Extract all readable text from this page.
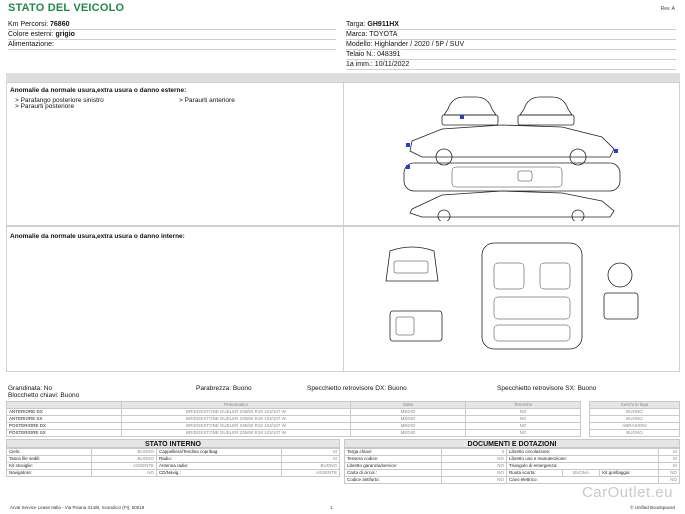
STATO DEL VEICOLO	Rev. A
Km Percorsi: 76860
Colore esterni: grigio
Alimentazione:
Targa: GH911HX
Marca: TOYOTA
Modello: Highlander / 2020 / 5P / SUV
Telaio N.: 048391
1a imm.: 10/11/2022
Anomalie da normale usura,extra usura o danno esterne:
> Parafango posteriore sinistro	> Paraurti anteriore
> Paraurti posteriore
Anomalie da normale usura,extra usura o danno interne:
Grandinata: No	Parabrezza: Buono	Specchietto retrovisore DX: Buono	Specchietto retrovisore SX: Buono
Blocchetto chiavi: Buono
	Pneumatico	Stato	Termiche		Cerchi in lega
ANTERIORE DX	BRIDGESTONE DUELER 235/60 R18 103/107 W	MEDIO	NO		BUONO
ANTERIORE SX	BRIDGESTONE DUELER 235/60 R18 103/107 W	MEDIO	NO		BUONO
POSTERIORE DX	BRIDGESTONE DUELER 235/60 R18 103/107 W	MEDIO	NO		ABRASIONI
POSTERIORE SX	BRIDGESTONE DUELER 235/60 R18 103/107 W	MEDIO	NO		BUONO
STATO INTERNO
Cielo:	BUONO	Cappelliera/Tendina copribag:	SI
Tasca file sedili:	BUONO	Radio:	SI
Kit stoviglie:	ASSENTE	Antenna radio:	BUONO
Navigatore:	NO	CD/Navig.:	ASSENTE
DOCUMENTI E DOTAZIONI
Targa chiavi:	3	Libretto circolazione:			SI
Tessera codice:	NO	Libretto uso e manutenzione:			SI
Libretto garanzia/service:	NO	Triangolo di emergenza:			SI
Carta di circol.:	NO	Ruota scorta:	BUONA	Kit gonfiaggio:	NO
Codice antifurto:	NO	Cavo elettrico:			NO
Arval Service Lease Italia - Via Pisana 314/B, Scandicci (FI), 50018	1	© Unified Boodspaced
CarOutlet.eu
